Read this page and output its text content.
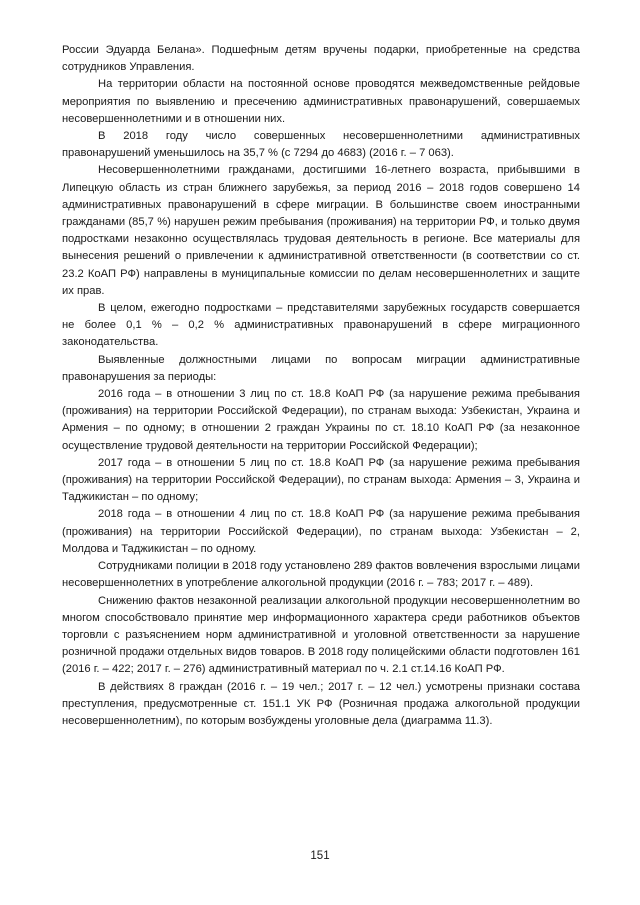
России Эдуарда Белана». Подшефным детям вручены подарки, приобретенные на средства сотрудников Управления.

На территории области на постоянной основе проводятся межведомственные рейдовые мероприятия по выявлению и пресечению административных правонарушений, совершаемых несовершеннолетними и в отношении них.

В 2018 году число совершенных несовершеннолетними административных правонарушений уменьшилось на 35,7 % (с 7294 до 4683) (2016 г. – 7 063).

Несовершеннолетними гражданами, достигшими 16-летнего возраста, прибывшими в Липецкую область из стран ближнего зарубежья, за период 2016 – 2018 годов совершено 14 административных правонарушений в сфере миграции. В большинстве своем иностранными гражданами (85,7 %) нарушен режим пребывания (проживания) на территории РФ, и только двумя подростками незаконно осуществлялась трудовая деятельность в регионе. Все материалы для вынесения решений о привлечении к административной ответственности (в соответствии со ст. 23.2 КоАП РФ) направлены в муниципальные комиссии по делам несовершеннолетних и защите их прав.

В целом, ежегодно подростками – представителями зарубежных государств совершается не более 0,1 % – 0,2 % административных правонарушений в сфере миграционного законодательства.

Выявленные должностными лицами по вопросам миграции административные правонарушения за периоды:

2016 года – в отношении 3 лиц по ст. 18.8 КоАП РФ (за нарушение режима пребывания (проживания) на территории Российской Федерации), по странам выхода: Узбекистан, Украина и Армения – по одному; в отношении 2 граждан Украины по ст. 18.10 КоАП РФ (за незаконное осуществление трудовой деятельности на территории Российской Федерации);

2017 года – в отношении 5 лиц по ст. 18.8 КоАП РФ (за нарушение режима пребывания (проживания) на территории Российской Федерации), по странам выхода: Армения – 3, Украина и Таджикистан – по одному;

2018 года – в отношении 4 лиц по ст. 18.8 КоАП РФ (за нарушение режима пребывания (проживания) на территории Российской Федерации), по странам выхода: Узбекистан – 2, Молдова и Таджикистан – по одному.

Сотрудниками полиции в 2018 году установлено 289 фактов вовлечения взрослыми лицами несовершеннолетних в употребление алкогольной продукции (2016 г. – 783; 2017 г. – 489).

Снижению фактов незаконной реализации алкогольной продукции несовершеннолетним во многом способствовало принятие мер информационного характера среди работников объектов торговли с разъяснением норм административной и уголовной ответственности за нарушение розничной продажи отдельных видов товаров. В 2018 году полицейскими области подготовлен 161 (2016 г. – 422; 2017 г. – 276) административный материал по ч. 2.1 ст.14.16 КоАП РФ.

В действиях 8 граждан (2016 г. – 19 чел.; 2017 г. – 12 чел.) усмотрены признаки состава преступления, предусмотренные ст. 151.1 УК РФ (Розничная продажа алкогольной продукции несовершеннолетним), по которым возбуждены уголовные дела (диаграмма 11.3).

151
